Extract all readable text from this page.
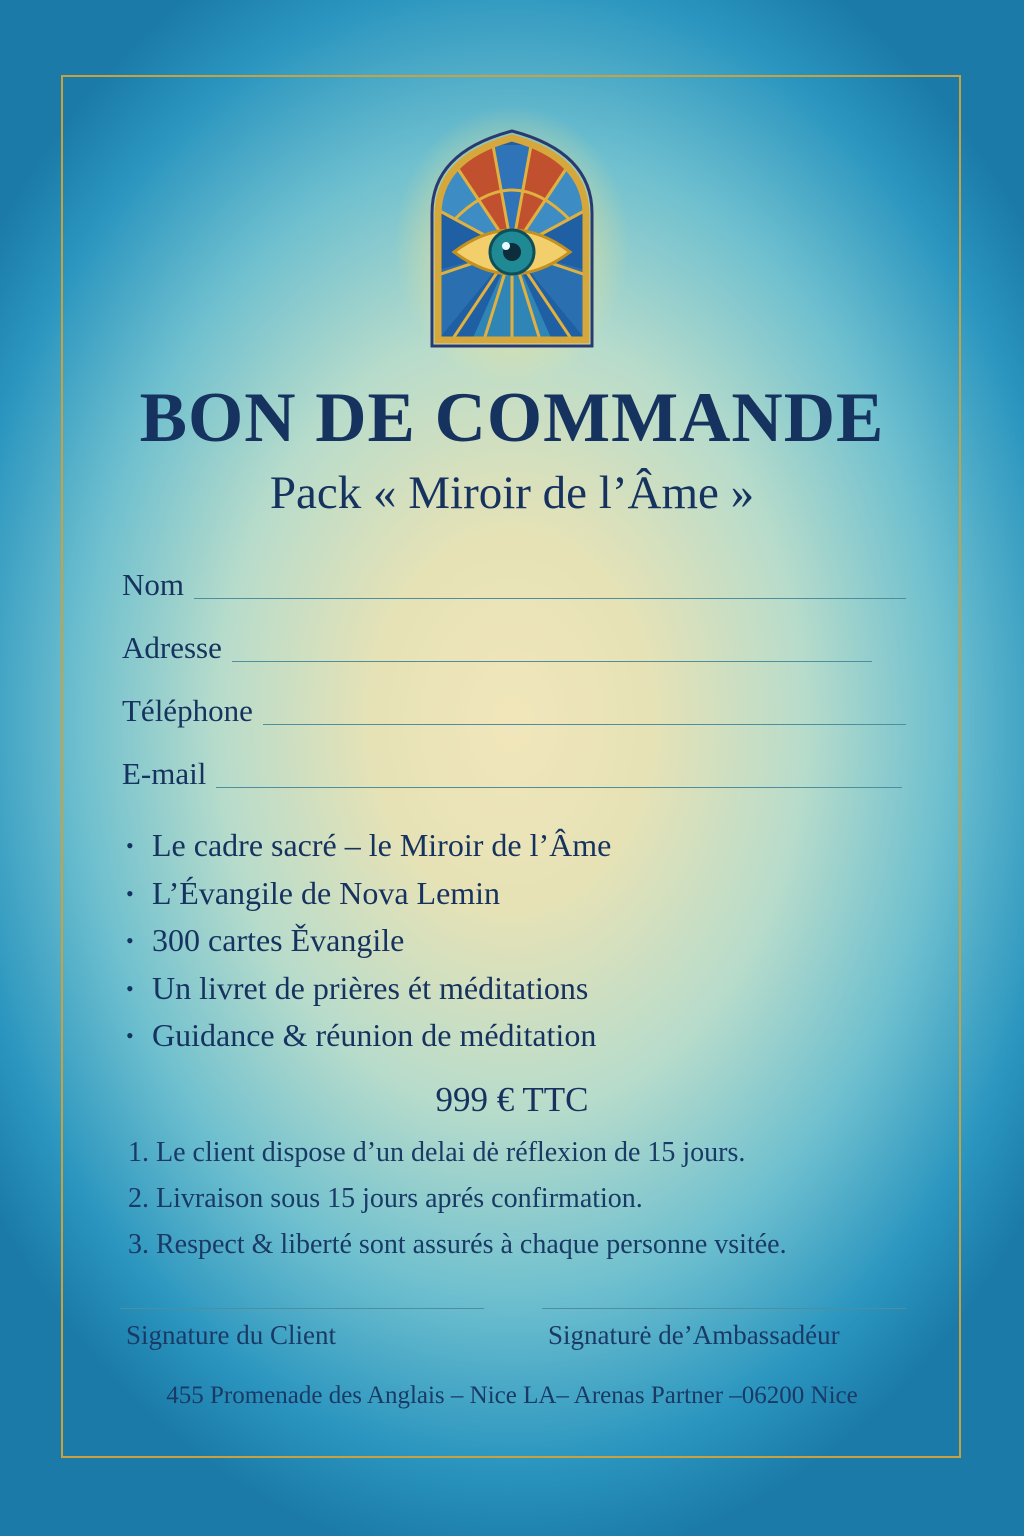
BON DE COMMANDE
Pack « Miroir de l’Âme »
Nom
Adresse
Téléphone
E-mail
• Le cadre sacré – le Miroir de l’Âme
• L’Évangile de Nova Lemin
• 300 cartes Ěvangile
• Un livret de prières ét méditations
• Guidance & réunion de méditation
999 € TTC
1. Le client dispose d’un delai dė réflexion de 15 jours.
2. Livraison sous 15 jours aprés confirmation.
3. Respect & liberté sont assurés à chaque personne vsitée.
Signature du Client	Signaturė de’Ambassadéur
455 Promenade des Anglais – Nice LA– Arenas Partner –06200 Nice
